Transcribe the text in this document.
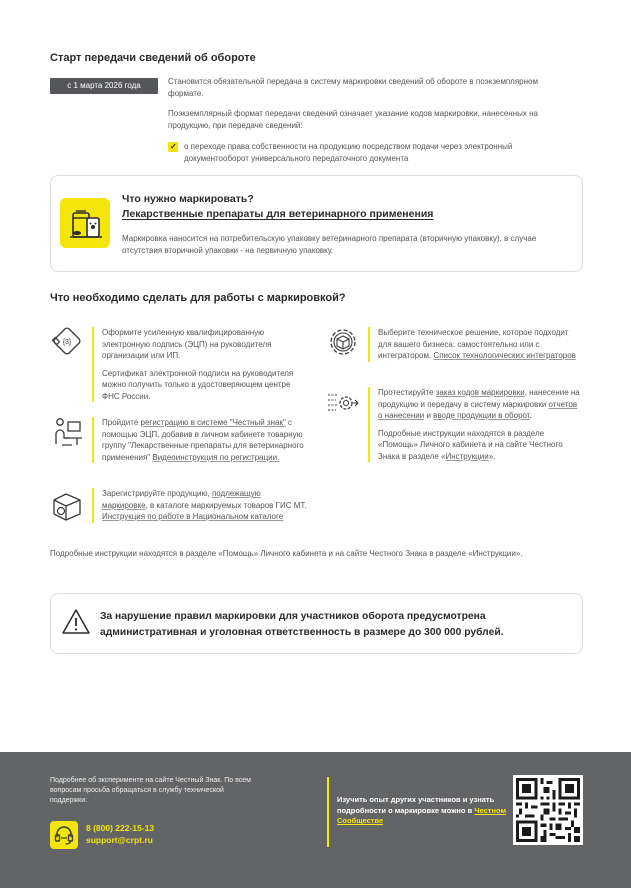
Старт передачи сведений об обороте
с 1 марта 2026 года	Становится обязательной передача в систему маркировки сведений об обороте в поэкземплярном формате.
Поэкземплярный формат передачи сведений означает указание кодов маркировки, нанесенных на продукцию, при передаче сведений:
✓ о переходе права собственности на продукцию посредством подачи через электронный документооборот универсального передаточного документа
Что нужно маркировать?
Лекарственные препараты для ветеринарного применения
Маркировка наносится на потребительскую упаковку ветеринарного препарата (вторичную упаковку), в случае отсутствия вторичной упаковки - на первичную упаковку.
Что необходимо сделать для работы с маркировкой?
{3}

Оформите усиленную квалифицированную электронную подпись (ЭЦП) на руководителя организации или ИП.

Сертификат электронной подписи на руководителя можно получить только в удостоверяющем центре ФНС России.

Пройдите регистрацию в системе "Честный знак" с помощью ЭЦП, добавив в личном кабинете товарную группу "Лекарственные препараты для ветеринарного применения" Видеоинструкция по регистрации.

Зарегистрируйте продукцию, подлежащую маркировке, в каталоге маркируемых товаров ГИС МТ. Инструкция по работе в Национальном каталоге

Выберите техническое решение, которое подходит для вашего бизнеса: самостоятельно или с интегратором. Список технологических интеграторов

Протестируйте заказ кодов маркировки, нанесение на продукцию и передачу в систему маркировки отчетов о нанесении и вводе продукции в оборот.

Подробные инструкции находятся в разделе «Помощь» Личного кабинета и на сайте Честного Знака в разделе «Инструкции».

Подробные инструкции находятся в разделе «Помощь» Личного кабинета и на сайте Честного Знака в разделе «Инструкции».
За нарушение правил маркировки для участников оборота предусмотрена административная и уголовная ответственность в размере до 300 000 рублей.
Подробнее об эксперименте на сайте Честный Знак. По всем вопросам просьба обращаться в службу технической поддержки:
8 (800) 222-15-13
support@crpt.ru
Изучить опыт других участников и узнать подробности о маркировке можно в Честном Сообществе
